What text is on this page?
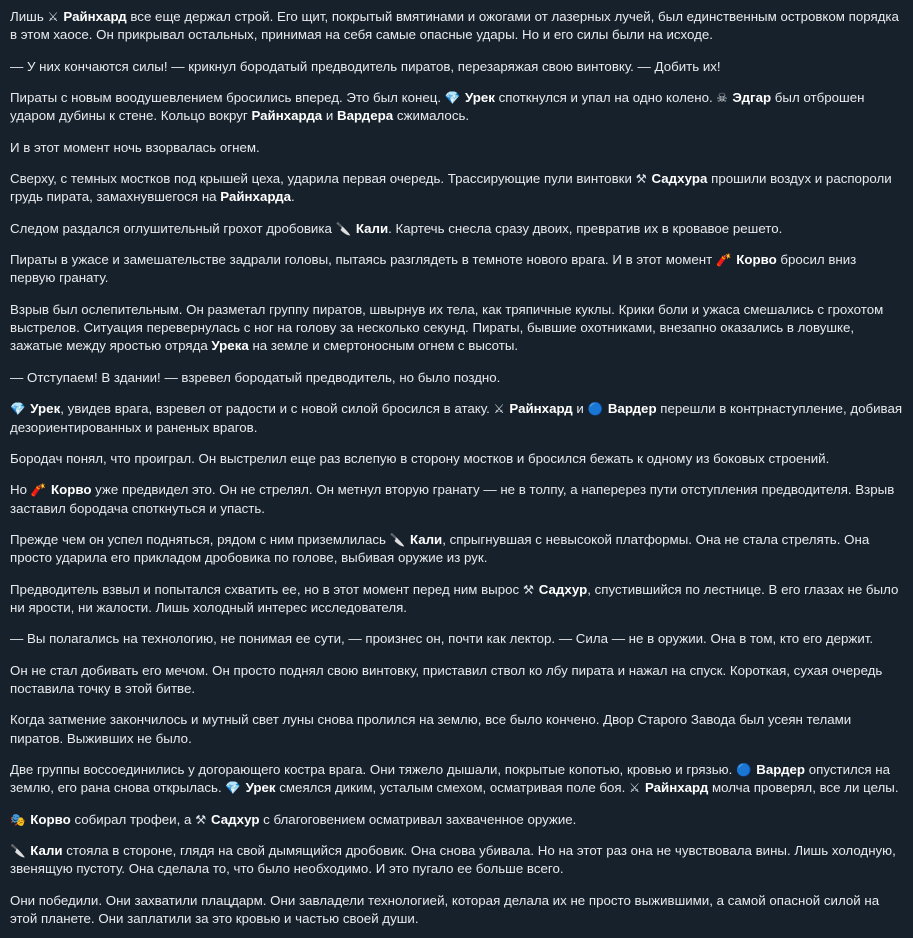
Лишь ⚔ Райнхард все еще держал строй. Его щит, покрытый вмятинами и ожогами от лазерных лучей, был единственным островком порядка в этом хаосе. Он прикрывал остальных, принимая на себя самые опасные удары. Но и его силы были на исходе.
— У них кончаются силы! — крикнул бородатый предводитель пиратов, перезаряжая свою винтовку. — Добить их!
Пираты с новым воодушевлением бросились вперед. Это был конец. 💎 Урек споткнулся и упал на одно колено. ☠ Эдгар был отброшен ударом дубины к стене. Кольцо вокруг Райнхарда и Вардера сжималось.
И в этот момент ночь взорвалась огнем.
Сверху, с темных мостков под крышей цеха, ударила первая очередь. Трассирующие пули винтовки ⚒ Садхура прошили воздух и распороли грудь пирата, замахнувшегося на Райнхарда.
Следом раздался оглушительный грохот дробовика 🔪 Кали. Картечь снесла сразу двоих, превратив их в кровавое решето.
Пираты в ужасе и замешательстве задрали головы, пытаясь разглядеть в темноте нового врага. И в этот момент 🧨 Корво бросил вниз первую гранату.
Взрыв был ослепительным. Он разметал группу пиратов, швырнув их тела, как тряпичные куклы. Крики боли и ужаса смешались с грохотом выстрелов. Ситуация перевернулась с ног на голову за несколько секунд. Пираты, бывшие охотниками, внезапно оказались в ловушке, зажатые между яростью отряда Урека на земле и смертоносным огнем с высоты.
— Отступаем! В здании! — взревел бородатый предводитель, но было поздно.
💎 Урек, увидев врага, взревел от радости и с новой силой бросился в атаку. ⚔ Райнхард и 🔵 Вардер перешли в контрнаступление, добивая дезориентированных и раненых врагов.
Бородач понял, что проиграл. Он выстрелил еще раз вслепую в сторону мостков и бросился бежать к одному из боковых строений.
Но 🧨 Корво уже предвидел это. Он не стрелял. Он метнул вторую гранату — не в толпу, а наперерез пути отступления предводителя. Взрыв заставил бородача споткнуться и упасть.
Прежде чем он успел подняться, рядом с ним приземлилась 🔪 Кали, спрыгнувшая с невысокой платформы. Она не стала стрелять. Она просто ударила его прикладом дробовика по голове, выбивая оружие из рук.
Предводитель взвыл и попытался схватить ее, но в этот момент перед ним вырос ⚒ Садхур, спустившийся по лестнице. В его глазах не было ни ярости, ни жалости. Лишь холодный интерес исследователя.
— Вы полагались на технологию, не понимая ее сути, — произнес он, почти как лектор. — Сила — не в оружии. Она в том, кто его держит.
Он не стал добивать его мечом. Он просто поднял свою винтовку, приставил ствол ко лбу пирата и нажал на спуск. Короткая, сухая очередь поставила точку в этой битве.
Когда затмение закончилось и мутный свет луны снова пролился на землю, все было кончено. Двор Старого Завода был усеян телами пиратов. Выживших не было.
Две группы воссоединились у догорающего костра врага. Они тяжело дышали, покрытые копотью, кровью и грязью. 🔵 Вардер опустился на землю, его рана снова открылась. 💎 Урек смеялся диким, усталым смехом, осматривая поле боя. ⚔ Райнхард молча проверял, все ли целы.
🎭 Корво собирал трофеи, а ⚒ Садхур с благоговением осматривал захваченное оружие.
🔪 Кали стояла в стороне, глядя на свой дымящийся дробовик. Она снова убивала. Но на этот раз она не чувствовала вины. Лишь холодную, звенящую пустоту. Она сделала то, что было необходимо. И это пугало ее больше всего.
Они победили. Они захватили плацдарм. Они завладели технологией, которая делала их не просто выжившими, а самой опасной силой на этой планете. Они заплатили за это кровью и частью своей души.
